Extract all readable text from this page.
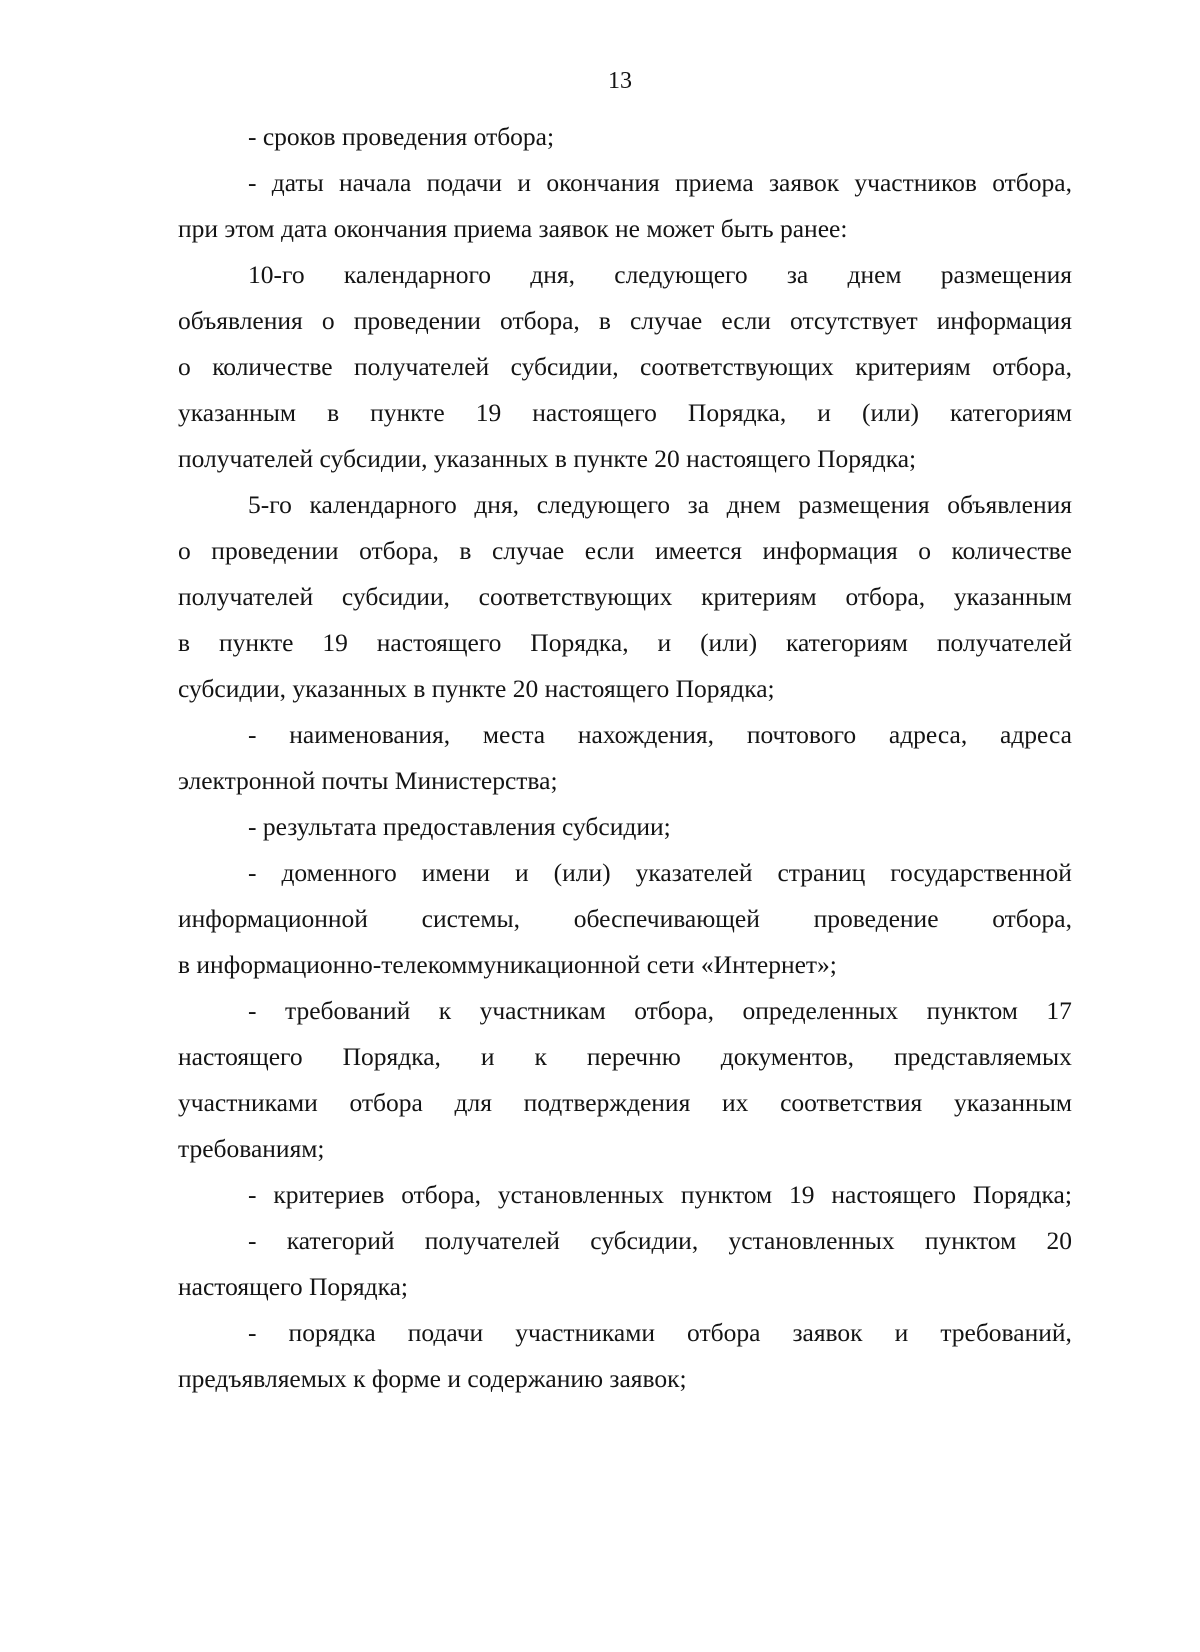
13
- сроков проведения отбора;
- даты начала подачи и окончания приема заявок участников отбора,
при этом дата окончания приема заявок не может быть ранее:
10-го календарного дня, следующего за днем размещения
объявления о проведении отбора, в случае если отсутствует информация
о количестве получателей субсидии, соответствующих критериям отбора,
указанным в пункте 19 настоящего Порядка, и (или) категориям
получателей субсидии, указанных в пункте 20 настоящего Порядка;
5-го календарного дня, следующего за днем размещения объявления
о проведении отбора, в случае если имеется информация о количестве
получателей субсидии, соответствующих критериям отбора, указанным
в пункте 19 настоящего Порядка, и (или) категориям получателей
субсидии, указанных в пункте 20 настоящего Порядка;
- наименования, места нахождения, почтового адреса, адреса
электронной почты Министерства;
- результата предоставления субсидии;
- доменного имени и (или) указателей страниц государственной
информационной системы, обеспечивающей проведение отбора,
в информационно-телекоммуникационной сети «Интернет»;
- требований к участникам отбора, определенных пунктом 17
настоящего Порядка, и к перечню документов, представляемых
участниками отбора для подтверждения их соответствия указанным
требованиям;
- критериев отбора, установленных пунктом 19 настоящего Порядка;
- категорий получателей субсидии, установленных пунктом 20
настоящего Порядка;
- порядка подачи участниками отбора заявок и требований,
предъявляемых к форме и содержанию заявок;
